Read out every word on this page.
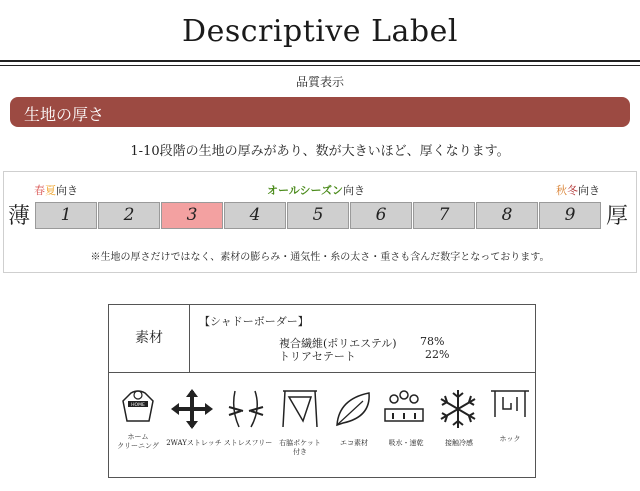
Descriptive Label
品質表示
生地の厚さ
1-10段階の生地の厚みがあり、数が大きいほど、厚くなります。
春夏向き	オールシーズン向き	秋冬向き
薄	厚
1	2	3	4	5	6	7	8	9
※生地の厚さだけではなく、素材の膨らみ・通気性・糸の太さ・重さも含んだ数字となっております。
素材
【シャドーボーダー】
複合繊維(ポリエステル) 78%
トリアセテート	22%
HOME
ホーム
クリーニング	2WAYストレッチ ストレスフリー 右脇ポケット
付き
エコ素材	吸水・速乾	接触冷感	ホック
